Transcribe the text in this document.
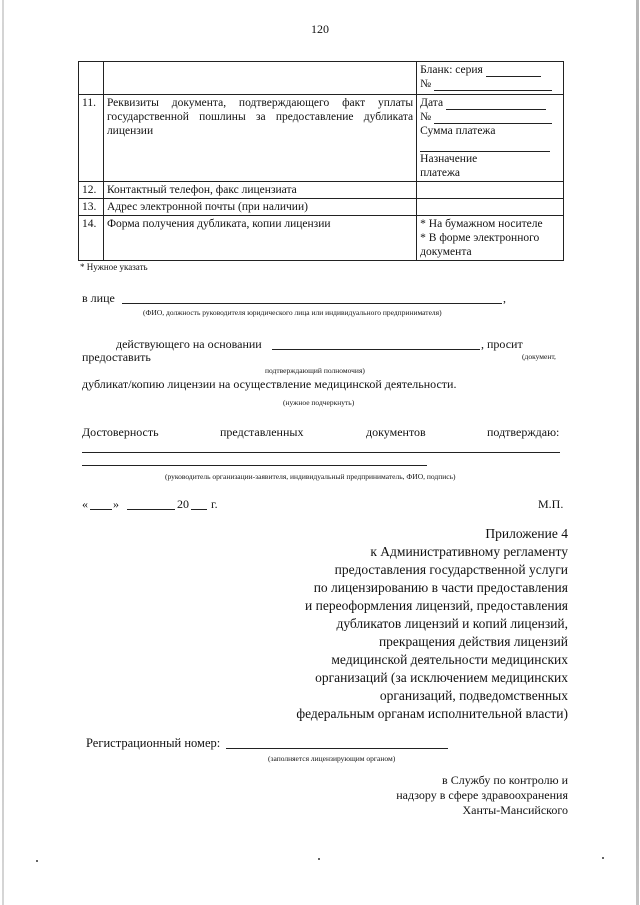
120
		Бланк: серия
№
11.	Реквизиты документа, подтверждающего факт уплаты государственной пошлины за предоставление дубликата лицензии	Дата
№
Сумма платежа

Назначение платежа

12.	Контактный телефон, факс лицензиата	
13.	Адрес электронной почты (при наличии)	
14.	Форма получения дубликата, копии лицензии	* На бумажном носителе
* В форме электронного документа
* Нужное указать
в лице	,
(ФИО, должность руководителя юридического лица или индивидуального предпринимателя)
действующего на основании	, просит
предоставить	(документ,
подтверждающий полномочия)
дубликат/копию лицензии на осуществление медицинской деятельности.
(нужное подчеркнуть)
Достоверность	представленных	документов	подтверждаю:
(руководитель организации-заявителя, индивидуальный предприниматель, ФИО, подпись)
« »	20 г.	М.П.
Приложение 4
к Административному регламенту
предоставления государственной услуги
по лицензированию в части предоставления
и переоформления лицензий, предоставления
дубликатов лицензий и копий лицензий,
прекращения действия лицензий
медицинской деятельности медицинских
организаций (за исключением медицинских
организаций, подведомственных
федеральным органам исполнительной власти)
Регистрационный номер:
(заполняется лицензирующим органом)
в Службу по контролю и
надзору в сфере здравоохранения
Ханты-Мансийского
